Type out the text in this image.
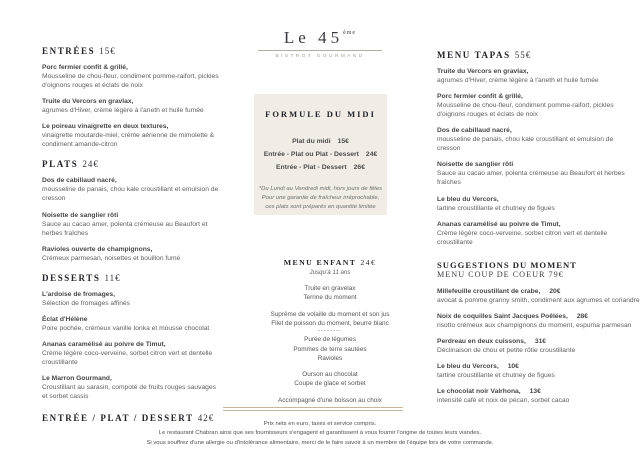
Le 45ème
BISTROT GOURMAND
ENTRÉES 15€
Porc fermier confit & grillé,
Mousseline de chou-fleur, condiment pomme-raifort, pickles d'oignons rouges et éclats de noix
Truite du Vercors en gravlax,
agrumes d'Hiver, crème légère à l'aneth et huile fumée
Le poireau vinaigrette en deux textures,
vinaigrette moutarde-miel, crème aérienne de mimolette & condiment amande-citron
PLATS 24€
Dos de cabillaud nacré,
mousseline de panais, chou kale croustillant et emulsion de cresson
Noisette de sanglier rôti
Sauce au cacao amer, polenta crémeuse au Beaufort et herbes fraîches
Ravioles ouverte de champignons,
Crémeux parmesan, noisettes et bouillon fumé
DESSERTS 11€
L'ardoise de fromages,
Sélection de fromages affinés
Éclat d'Hélène
Poire pochée, crémeux vanille tonka et mousse chocolat
Ananas caramélisé au poivre de Timut,
Crème légère coco-verveine, sorbet citron vert et dentelle croustillante
Le Marron Gourmand,
Croustillant au sarasin, compoté de fruits rouges sauvages et sorbet cassis
ENTRÉE / PLAT / DESSERT 42€
FORMULE DU MIDI
Plat du midi 15€
Entrée - Plat ou Plat - Dessert 24€
Entrée - Plat - Dessert 26€
*Du Lundi au Vendredi midi, hors jours de fêtes
Pour une garantie de fraîcheur irréprochable,
ces plats sont préparés en quantité limitée
MENU ENFANT 24€
Jusqu'à 11 ans
Truite en gravelax
Terrine du moment
Suprême de volaille du moment et son jus
Filet de poisson du moment, beurre blanc
--------
Purée de légumes
Pommes de terre sautées
Ravioles
Ourson au chocolat
Coupe de glace et sorbet
Accompagné d'une boisson au choix
MENU TAPAS 55€
Truite du Vercors en gravlax,
agrumes d'Hiver, crème légère à l'aneth et huile fumée
Porc fermier confit & grillé,
Mousseline de chou-fleur, condiment pomme-raifort, pickles d'oignons rouges et éclats de noix
Dos de cabillaud nacré,
mousseline de panais, chou kale croustillant et emulsion de cresson
Noisette de sanglier rôti
Sauce au cacao amer, polenta crémeuse au Beaufort et herbes fraîches
Le bleu du Vercors,
tartine croustillante et chutney de figues
Ananas caramélisé au poivre de Timut,
Crème légère coco-verveine, sorbet citron vert et dentelle croustillante
SUGGESTIONS DU MOMENT
MENU COUP DE COEUR 79€
Millefeuille croustillant de crabe, 20€
avocat & pomme granny smith, condiment aux agrumes et coriandre
Noix de coquilles Saint Jacques Poêlées, 28€
risotto crémeux aux champignons du moment, espuma parmesan
Perdreau en deux cuissons, 31€
Déclinaison de chou et petite rôtie croustillante
Le bleu du Vercors, 10€
tartine croustillante et chutney de figues
Le chocolat noir Valrhona, 13€
intensité café et noix de pécan, sorbet cacao
Prix nets en euro, taxes et service compris.
Le restaurant Chabran ainsi que ses fournisseurs s'engagent et garantissent à vous fournir l'origine de toutes leurs viandes.
Si vous souffrez d'une allergie ou d'intolérance alimentaire, merci de le faire savoir à un membre de l'équipe lors de votre commande.
